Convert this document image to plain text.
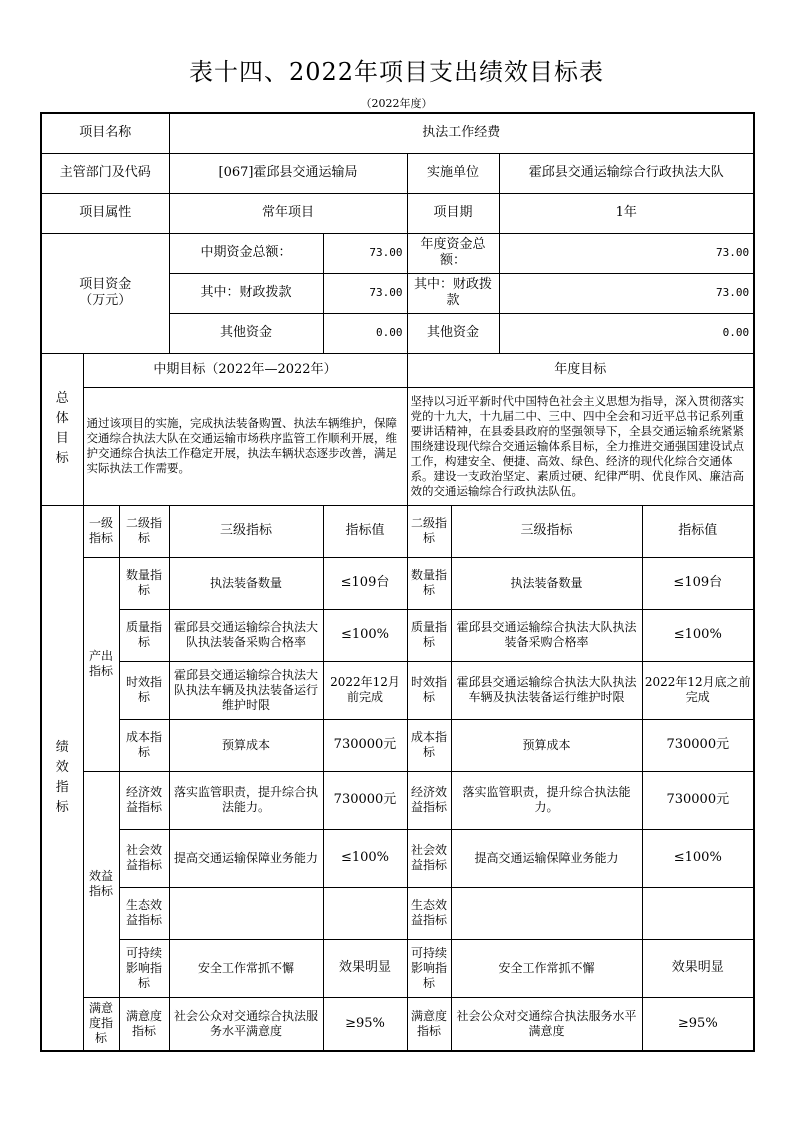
表十四、2022年项目支出绩效目标表
（2022年度）
项目名称			执法工作经费					
主管部门及代码			[067]霍邱县交通运输局		实施单位		霍邱县交通运输综合行政执法大队	
项目属性			常年项目		项目期		1年	

项目资金
（万元）			中期资金总额：	73.00	年度资金总额：		73.00	
			其中：财政拨款	73.00	其中：财政拨款		73.00	
			其他资金	0.00	其他资金		0.00	

总体目标	中期目标（2022年—2022年）				年度目标			
	通过该项目的实施，完成执法装备购置、执法车辆维护，保障交通综合执法大队在交通运输市场秩序监管工作顺利开展，维护交通综合执法工作稳定开展，执法车辆状态逐步改善，满足实际执法工作需要。				坚持以习近平新时代中国特色社会主义思想为指导，深入贯彻落实党的十九大，十九届二中、三中、四中全会和习近平总书记系列重要讲话精神，在县委县政府的坚强领导下，全县交通运输系统紧紧围绕建设现代综合交通运输体系目标，全力推进交通强国建设试点工作，构建安全、便捷、高效、绿色、经济的现代化综合交通体系。建设一支政治坚定、素质过硬、纪律严明、优良作风、廉洁高效的交通运输综合行政执法队伍。			

绩效指标	一级指标	二级指标	三级指标	指标值	二级指标	三级指标		指标值
	产出指标	数量指标	执法装备数量	≤109台	数量指标	执法装备数量		≤109台
		质量指标	霍邱县交通运输综合执法大队执法装备采购合格率	≤100%	质量指标	霍邱县交通运输综合执法大队执法装备采购合格率		≤100%
		时效指标	霍邱县交通运输综合执法大队执法车辆及执法装备运行维护时限	2022年12月前完成	时效指标	霍邱县交通运输综合执法大队执法车辆及执法装备运行维护时限		2022年12月底之前完成
		成本指标	预算成本	730000元	成本指标	预算成本		730000元
	效益指标	经济效益指标	落实监管职责，提升综合执法能力。	730000元	经济效益指标	落实监管职责，提升综合执法能力。		730000元
		社会效益指标	提高交通运输保障业务能力	≤100%	社会效益指标	提高交通运输保障业务能力		≤100%
		生态效益指标			生态效益指标			
		可持续影响指标	安全工作常抓不懈	效果明显	可持续影响指标	安全工作常抓不懈		效果明显
	满意度指标	满意度指标	社会公众对交通综合执法服务水平满意度	≥95%	满意度指标	社会公众对交通综合执法服务水平满意度		≥95%
